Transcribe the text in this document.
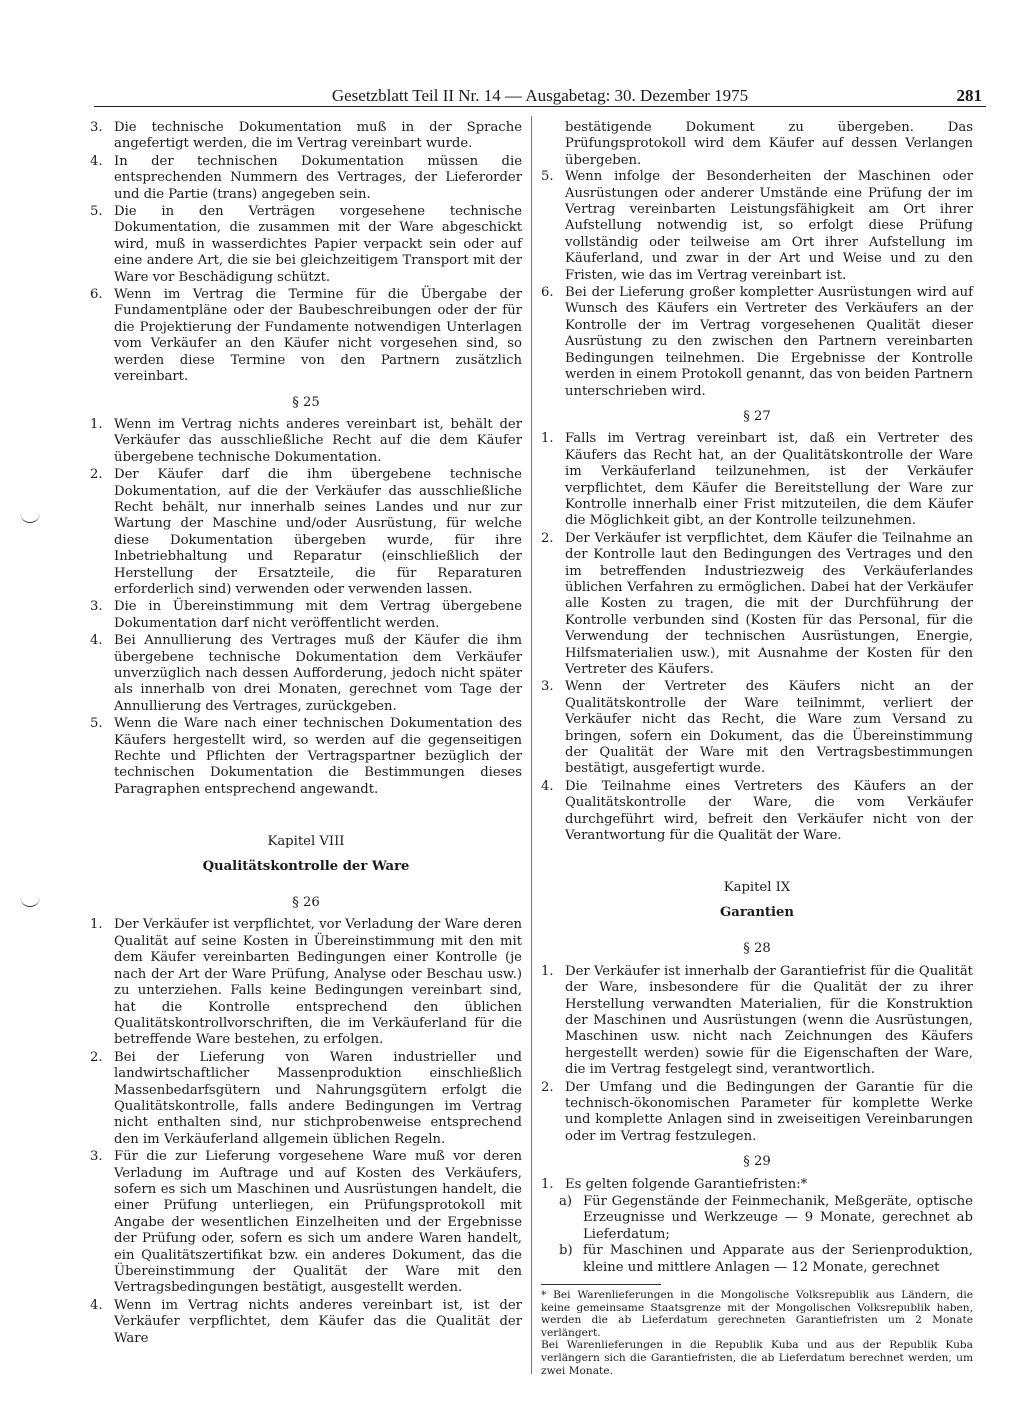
Gesetzblatt Teil II Nr. 14 — Ausgabetag: 30. Dezember 1975	281
3. Die technische Dokumentation muß in der Sprache angefertigt werden, die im Vertrag vereinbart wurde.
4. In der technischen Dokumentation müssen die entsprechenden Nummern des Vertrages, der Lieferorder und die Partie (trans) angegeben sein.
5. Die in den Verträgen vorgesehene technische Dokumentation, die zusammen mit der Ware abgeschickt wird, muß in wasserdichtes Papier verpackt sein oder auf eine andere Art, die sie bei gleichzeitigem Transport mit der Ware vor Beschädigung schützt.
6. Wenn im Vertrag die Termine für die Übergabe der Fundamentpläne oder der Baubeschreibungen oder der für die Projektierung der Fundamente notwendigen Unterlagen vom Verkäufer an den Käufer nicht vorgesehen sind, so werden diese Termine von den Partnern zusätzlich vereinbart.
§ 25
1. Wenn im Vertrag nichts anderes vereinbart ist, behält der Verkäufer das ausschließliche Recht auf die dem Käufer übergebene technische Dokumentation.
2. Der Käufer darf die ihm übergebene technische Dokumentation, auf die der Verkäufer das ausschließliche Recht behält, nur innerhalb seines Landes und nur zur Wartung der Maschine und/oder Ausrüstung, für welche diese Dokumentation übergeben wurde, für ihre Inbetriebhaltung und Reparatur (einschließlich der Herstellung der Ersatzteile, die für Reparaturen erforderlich sind) verwenden oder verwenden lassen.
3. Die in Übereinstimmung mit dem Vertrag übergebene Dokumentation darf nicht veröffentlicht werden.
4. Bei Annullierung des Vertrages muß der Käufer die ihm übergebene technische Dokumentation dem Verkäufer unverzüglich nach dessen Aufforderung, jedoch nicht später als innerhalb von drei Monaten, gerechnet vom Tage der Annullierung des Vertrages, zurückgeben.
5. Wenn die Ware nach einer technischen Dokumentation des Käufers hergestellt wird, so werden auf die gegenseitigen Rechte und Pflichten der Vertragspartner bezüglich der technischen Dokumentation die Bestimmungen dieses Paragraphen entsprechend angewandt.
Kapitel VIII
Qualitätskontrolle der Ware
§ 26
1. Der Verkäufer ist verpflichtet, vor Verladung der Ware deren Qualität auf seine Kosten in Übereinstimmung mit den mit dem Käufer vereinbarten Bedingungen einer Kontrolle (je nach der Art der Ware Prüfung, Analyse oder Beschau usw.) zu unterziehen. Falls keine Bedingungen vereinbart sind, hat die Kontrolle entsprechend den üblichen Qualitätskontrollvorschriften, die im Verkäuferland für die betreffende Ware bestehen, zu erfolgen.
2. Bei der Lieferung von Waren industrieller und landwirtschaftlicher Massenproduktion einschließlich Massenbedarfsgütern und Nahrungsgütern erfolgt die Qualitätskontrolle, falls andere Bedingungen im Vertrag nicht enthalten sind, nur stichprobenweise entsprechend den im Verkäuferland allgemein üblichen Regeln.
3. Für die zur Lieferung vorgesehene Ware muß vor deren Verladung im Auftrage und auf Kosten des Verkäufers, sofern es sich um Maschinen und Ausrüstungen handelt, die einer Prüfung unterliegen, ein Prüfungsprotokoll mit Angabe der wesentlichen Einzelheiten und der Ergebnisse der Prüfung oder, sofern es sich um andere Waren handelt, ein Qualitätszertifikat bzw. ein anderes Dokument, das die Übereinstimmung der Qualität der Ware mit den Vertragsbedingungen bestätigt, ausgestellt werden.
4. Wenn im Vertrag nichts anderes vereinbart ist, ist der Verkäufer verpflichtet, dem Käufer das die Qualität der Ware
bestätigende Dokument zu übergeben. Das Prüfungsprotokoll wird dem Käufer auf dessen Verlangen übergeben.
5. Wenn infolge der Besonderheiten der Maschinen oder Ausrüstungen oder anderer Umstände eine Prüfung der im Vertrag vereinbarten Leistungsfähigkeit am Ort ihrer Aufstellung notwendig ist, so erfolgt diese Prüfung vollständig oder teilweise am Ort ihrer Aufstellung im Käuferland, und zwar in der Art und Weise und zu den Fristen, wie das im Vertrag vereinbart ist.
6. Bei der Lieferung großer kompletter Ausrüstungen wird auf Wunsch des Käufers ein Vertreter des Verkäufers an der Kontrolle der im Vertrag vorgesehenen Qualität dieser Ausrüstung zu den zwischen den Partnern vereinbarten Bedingungen teilnehmen. Die Ergebnisse der Kontrolle werden in einem Protokoll genannt, das von beiden Partnern unterschrieben wird.
§ 27
1. Falls im Vertrag vereinbart ist, daß ein Vertreter des Käufers das Recht hat, an der Qualitätskontrolle der Ware im Verkäuferland teilzunehmen, ist der Verkäufer verpflichtet, dem Käufer die Bereitstellung der Ware zur Kontrolle innerhalb einer Frist mitzuteilen, die dem Käufer die Möglichkeit gibt, an der Kontrolle teilzunehmen.
2. Der Verkäufer ist verpflichtet, dem Käufer die Teilnahme an der Kontrolle laut den Bedingungen des Vertrages und den im betreffenden Industriezweig des Verkäuferlandes üblichen Verfahren zu ermöglichen. Dabei hat der Verkäufer alle Kosten zu tragen, die mit der Durchführung der Kontrolle verbunden sind (Kosten für das Personal, für die Verwendung der technischen Ausrüstungen, Energie, Hilfsmaterialien usw.), mit Ausnahme der Kosten für den Vertreter des Käufers.
3. Wenn der Vertreter des Käufers nicht an der Qualitätskontrolle der Ware teilnimmt, verliert der Verkäufer nicht das Recht, die Ware zum Versand zu bringen, sofern ein Dokument, das die Übereinstimmung der Qualität der Ware mit den Vertragsbestimmungen bestätigt, ausgefertigt wurde.
4. Die Teilnahme eines Vertreters des Käufers an der Qualitätskontrolle der Ware, die vom Verkäufer durchgeführt wird, befreit den Verkäufer nicht von der Verantwortung für die Qualität der Ware.
Kapitel IX
Garantien
§ 28
1. Der Verkäufer ist innerhalb der Garantiefrist für die Qualität der Ware, insbesondere für die Qualität der zu ihrer Herstellung verwandten Materialien, für die Konstruktion der Maschinen und Ausrüstungen (wenn die Ausrüstungen, Maschinen usw. nicht nach Zeichnungen des Käufers hergestellt werden) sowie für die Eigenschaften der Ware, die im Vertrag festgelegt sind, verantwortlich.
2. Der Umfang und die Bedingungen der Garantie für die technisch-ökonomischen Parameter für komplette Werke und komplette Anlagen sind in zweiseitigen Vereinbarungen oder im Vertrag festzulegen.
§ 29
1. Es gelten folgende Garantiefristen:*
a) Für Gegenstände der Feinmechanik, Meßgeräte, optische Erzeugnisse und Werkzeuge — 9 Monate, gerechnet ab Lieferdatum;
b) für Maschinen und Apparate aus der Serienproduktion, kleine und mittlere Anlagen — 12 Monate, gerechnet
* Bei Warenlieferungen in die Mongolische Volksrepublik aus Ländern, die keine gemeinsame Staatsgrenze mit der Mongolischen Volksrepublik haben, werden die ab Lieferdatum gerechneten Garantiefristen um 2 Monate verlängert.
Bei Warenlieferungen in die Republik Kuba und aus der Republik Kuba verlängern sich die Garantiefristen, die ab Lieferdatum berechnet werden, um zwei Monate.
